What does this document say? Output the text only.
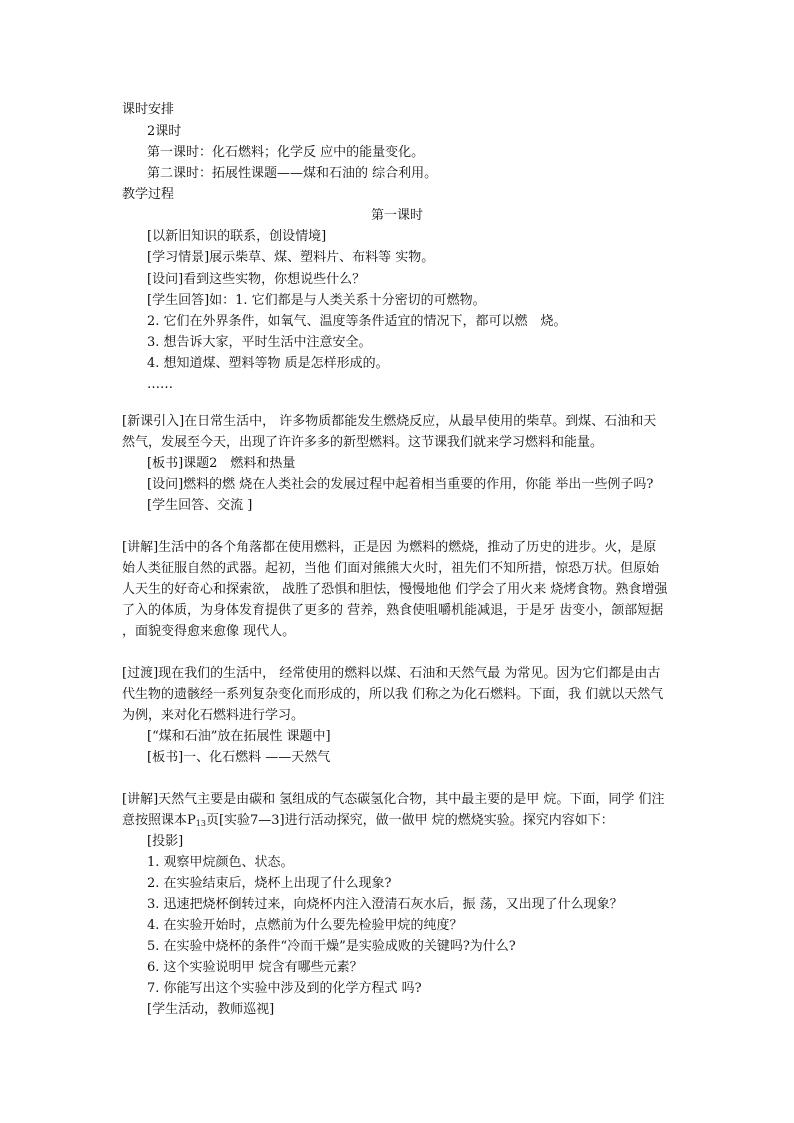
课时安排
2课时
第一课时：化石燃料；化学反 应中的能量变化。
第二课时：拓展性课题——煤和石油的 综合利用。
教学过程
第一课时
[以新旧知识的联系，创设情境]
[学习情景]展示柴草、煤、塑料片、布料等 实物。
[设问]看到这些实物，你想说些什么？
[学生回答]如：1. 它们都是与人类关系十分密切的可燃物。
2. 它们在外界条件，如氧气、温度等条件适宜的情况下，都可以燃　烧。
3. 想告诉大家，平时生活中注意安全。
4. 想知道煤、塑料等物 质是怎样形成的。
……
[新课引入]在日常生活中， 许多物质都能发生燃烧反应，从最早使用的柴草。到煤、石油和天
然气，发展至今天，出现了许许多多的新型燃料。这节课我们就来学习燃料和能量。
[板书]课题2　燃料和热量
[设问]燃料的燃 烧在人类社会的发展过程中起着相当重要的作用，你能 举出一些例子吗?
[学生回答、交流 ]
[讲解]生活中的各个角落都在使用燃料，正是因 为燃料的燃烧，推动了历史的进步。火，是原
始人类征服自然的武器。起初，当他 们面对熊熊大火时，祖先们不知所措，惊恐万状。但原始
人天生的好奇心和探索欲， 战胜了恐惧和胆怯，慢慢地他 们学会了用火来 烧烤食物。熟食增强
了入的体质，为身体发育提供了更多的 营养，熟食使咀嚼机能减退，于是牙 齿变小，颌部短据
，面貌变得愈来愈像 现代人。
[过渡]现在我们的生活中， 经常使用的燃料以煤、石油和天然气最 为常见。因为它们都是由古
代生物的遗骸经一系列复杂变化而形成的，所以我 们称之为化石燃料。下面，我 们就以天然气
为例，来对化石燃料进行学习。
[“煤和石油”放在拓展性 课题中]
[板书]一、化石燃料 ——天然气
[讲解]天然气主要是由碳和 氢组成的气态碳氢化合物，其中最主要的是甲 烷。下面，同学 们注
意按照课本$P_{13}$页[实验7—3]进行活动探究，做一做甲 烷的燃烧实验。探究内容如下：
[投影]
1. 观察甲烷颜色、状态。
2. 在实验结束后，烧杯上出现了什么现象?
3. 迅速把烧杯倒转过来，向烧杯内注入澄清石灰水后，振 荡，又出现了什么现象？
4. 在实验开始时，点燃前为什么要先检验甲烷的纯度？
5. 在实验中烧杯的条件“冷而干燥”是实验成败的关键吗?为什么?
6. 这个实验说明甲 烷含有哪些元素？
7. 你能写出这个实验中涉及到的化学方程式 吗?
[学生活动，教师巡视]
